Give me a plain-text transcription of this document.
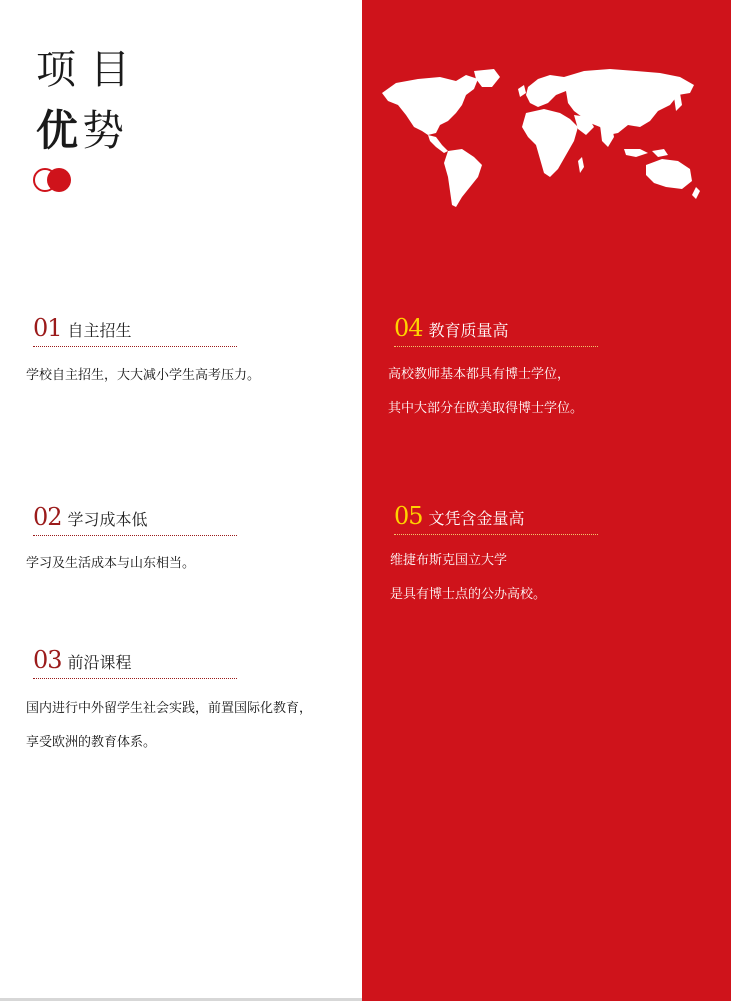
项目
优势
01 自主招生
学校自主招生，大大减小学生高考压力。
02 学习成本低
学习及生活成本与山东相当。
03 前沿课程
国内进行中外留学生社会实践，前置国际化教育，
享受欧洲的教育体系。
04 教育质量高
高校教师基本都具有博士学位，
其中大部分在欧美取得博士学位。
05 文凭含金量高
维捷布斯克国立大学
是具有博士点的公办高校。
